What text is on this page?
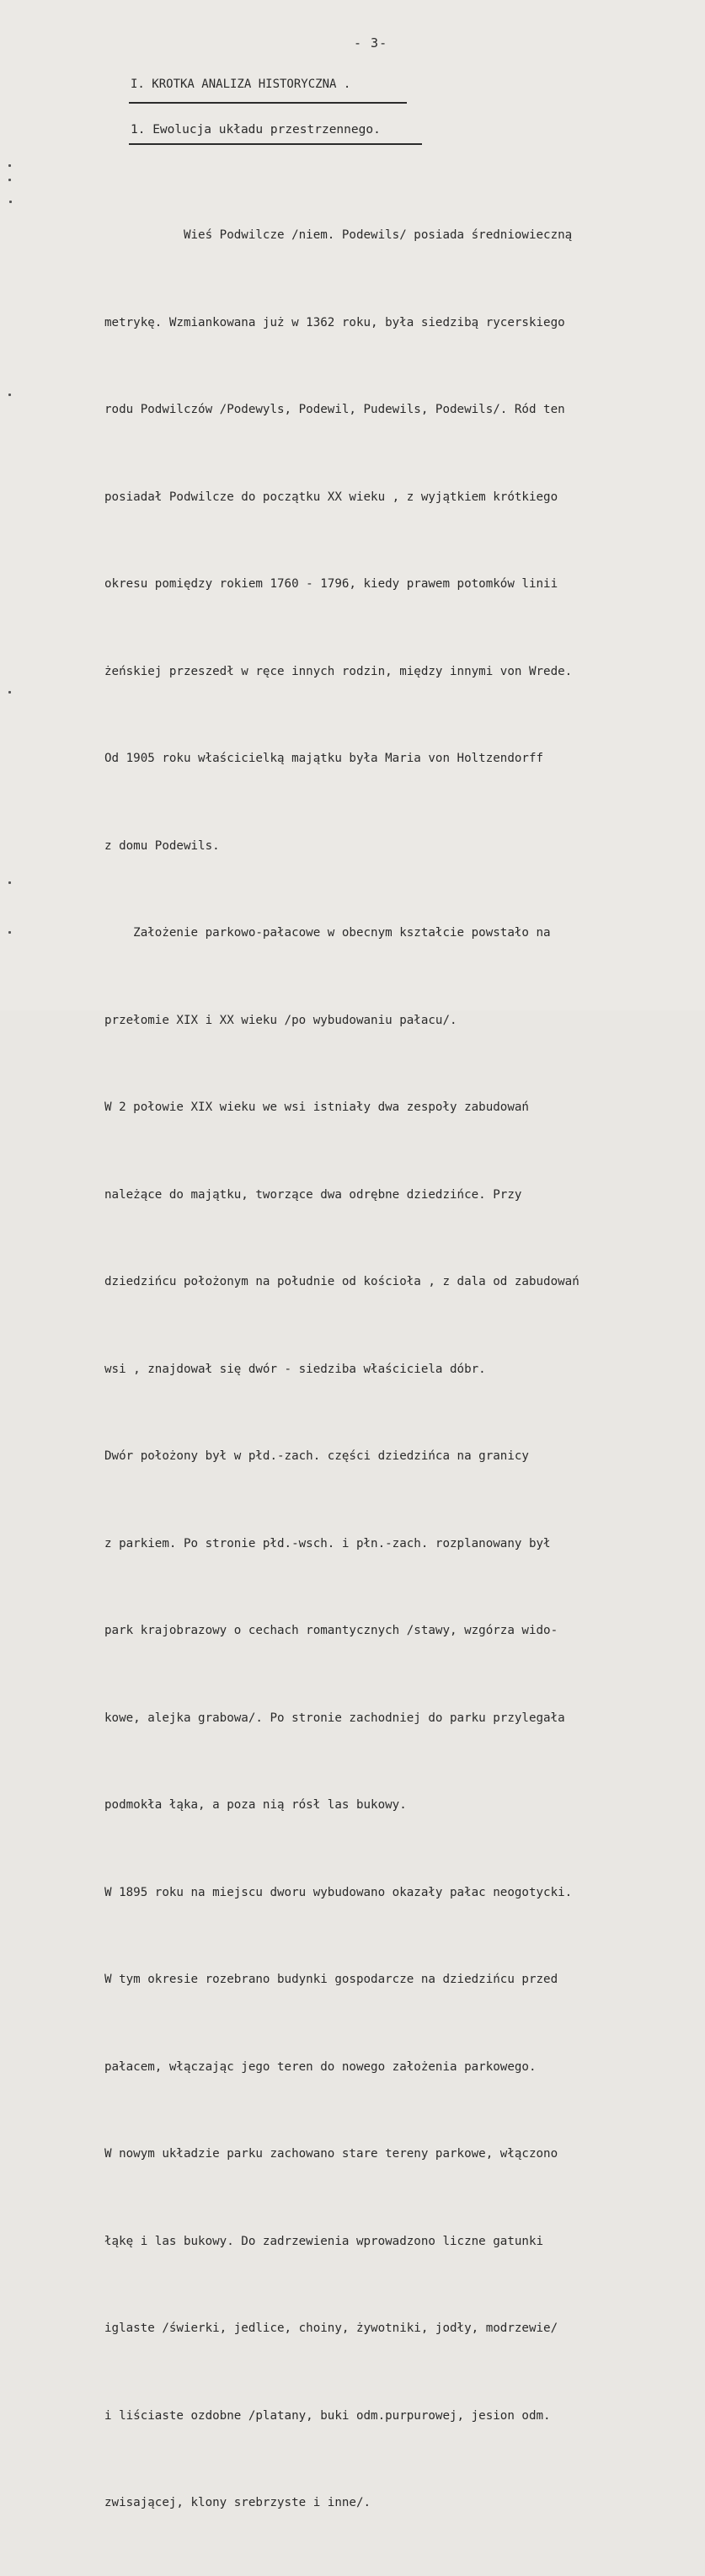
- 3-
I. KROTKA ANALIZA HISTORYCZNA .
1. Ewolucja układu przestrzennego.

Wieś Podwilcze /niem. Podewils/ posiada średniowieczną

metrykę. Wzmiankowana już w 1362 roku, była siedzibą rycerskiego

rodu Podwilczów /Podewyls, Podewil, Pudewils, Podewils/. Ród ten

posiadał Podwilcze do początku XX wieku , z wyjątkiem krótkiego

okresu pomiędzy rokiem 1760 - 1796, kiedy prawem potomków linii

żeńskiej przeszedł w ręce innych rodzin, między innymi von Wrede.

Od 1905 roku właścicielką majątku była Maria von Holtzendorff

z domu Podewils.

Założenie parkowo-pałacowe w obecnym kształcie powstało na

przełomie XIX i XX wieku /po wybudowaniu pałacu/.

W 2 połowie XIX wieku we wsi istniały dwa zespoły zabudowań

należące do majątku, tworzące dwa odrębne dziedzińce. Przy

dziedzińcu położonym na południe od kościoła , z dala od zabudowań

wsi , znajdował się dwór - siedziba właściciela dóbr.

Dwór położony był w płd.-zach. części dziedzińca na granicy

z parkiem. Po stronie płd.-wsch. i płn.-zach. rozplanowany był

park krajobrazowy o cechach romantycznych /stawy, wzgórza wido-

kowe, alejka grabowa/. Po stronie zachodniej do parku przylegała

podmokła łąka, a poza nią rósł las bukowy.

W 1895 roku na miejscu dworu wybudowano okazały pałac neogotycki.

W tym okresie rozebrano budynki gospodarcze na dziedzińcu przed

pałacem, włączając jego teren do nowego założenia parkowego.

W nowym układzie parku zachowano stare tereny parkowe, włączono

łąkę i las bukowy. Do zadrzewienia wprowadzono liczne gatunki

iglaste /świerki, jedlice, choiny, żywotniki, jodły, modrzewie/

i liściaste ozdobne /platany, buki odm.purpurowej, jesion odm.

zwisającej, klony srebrzyste i inne/.
